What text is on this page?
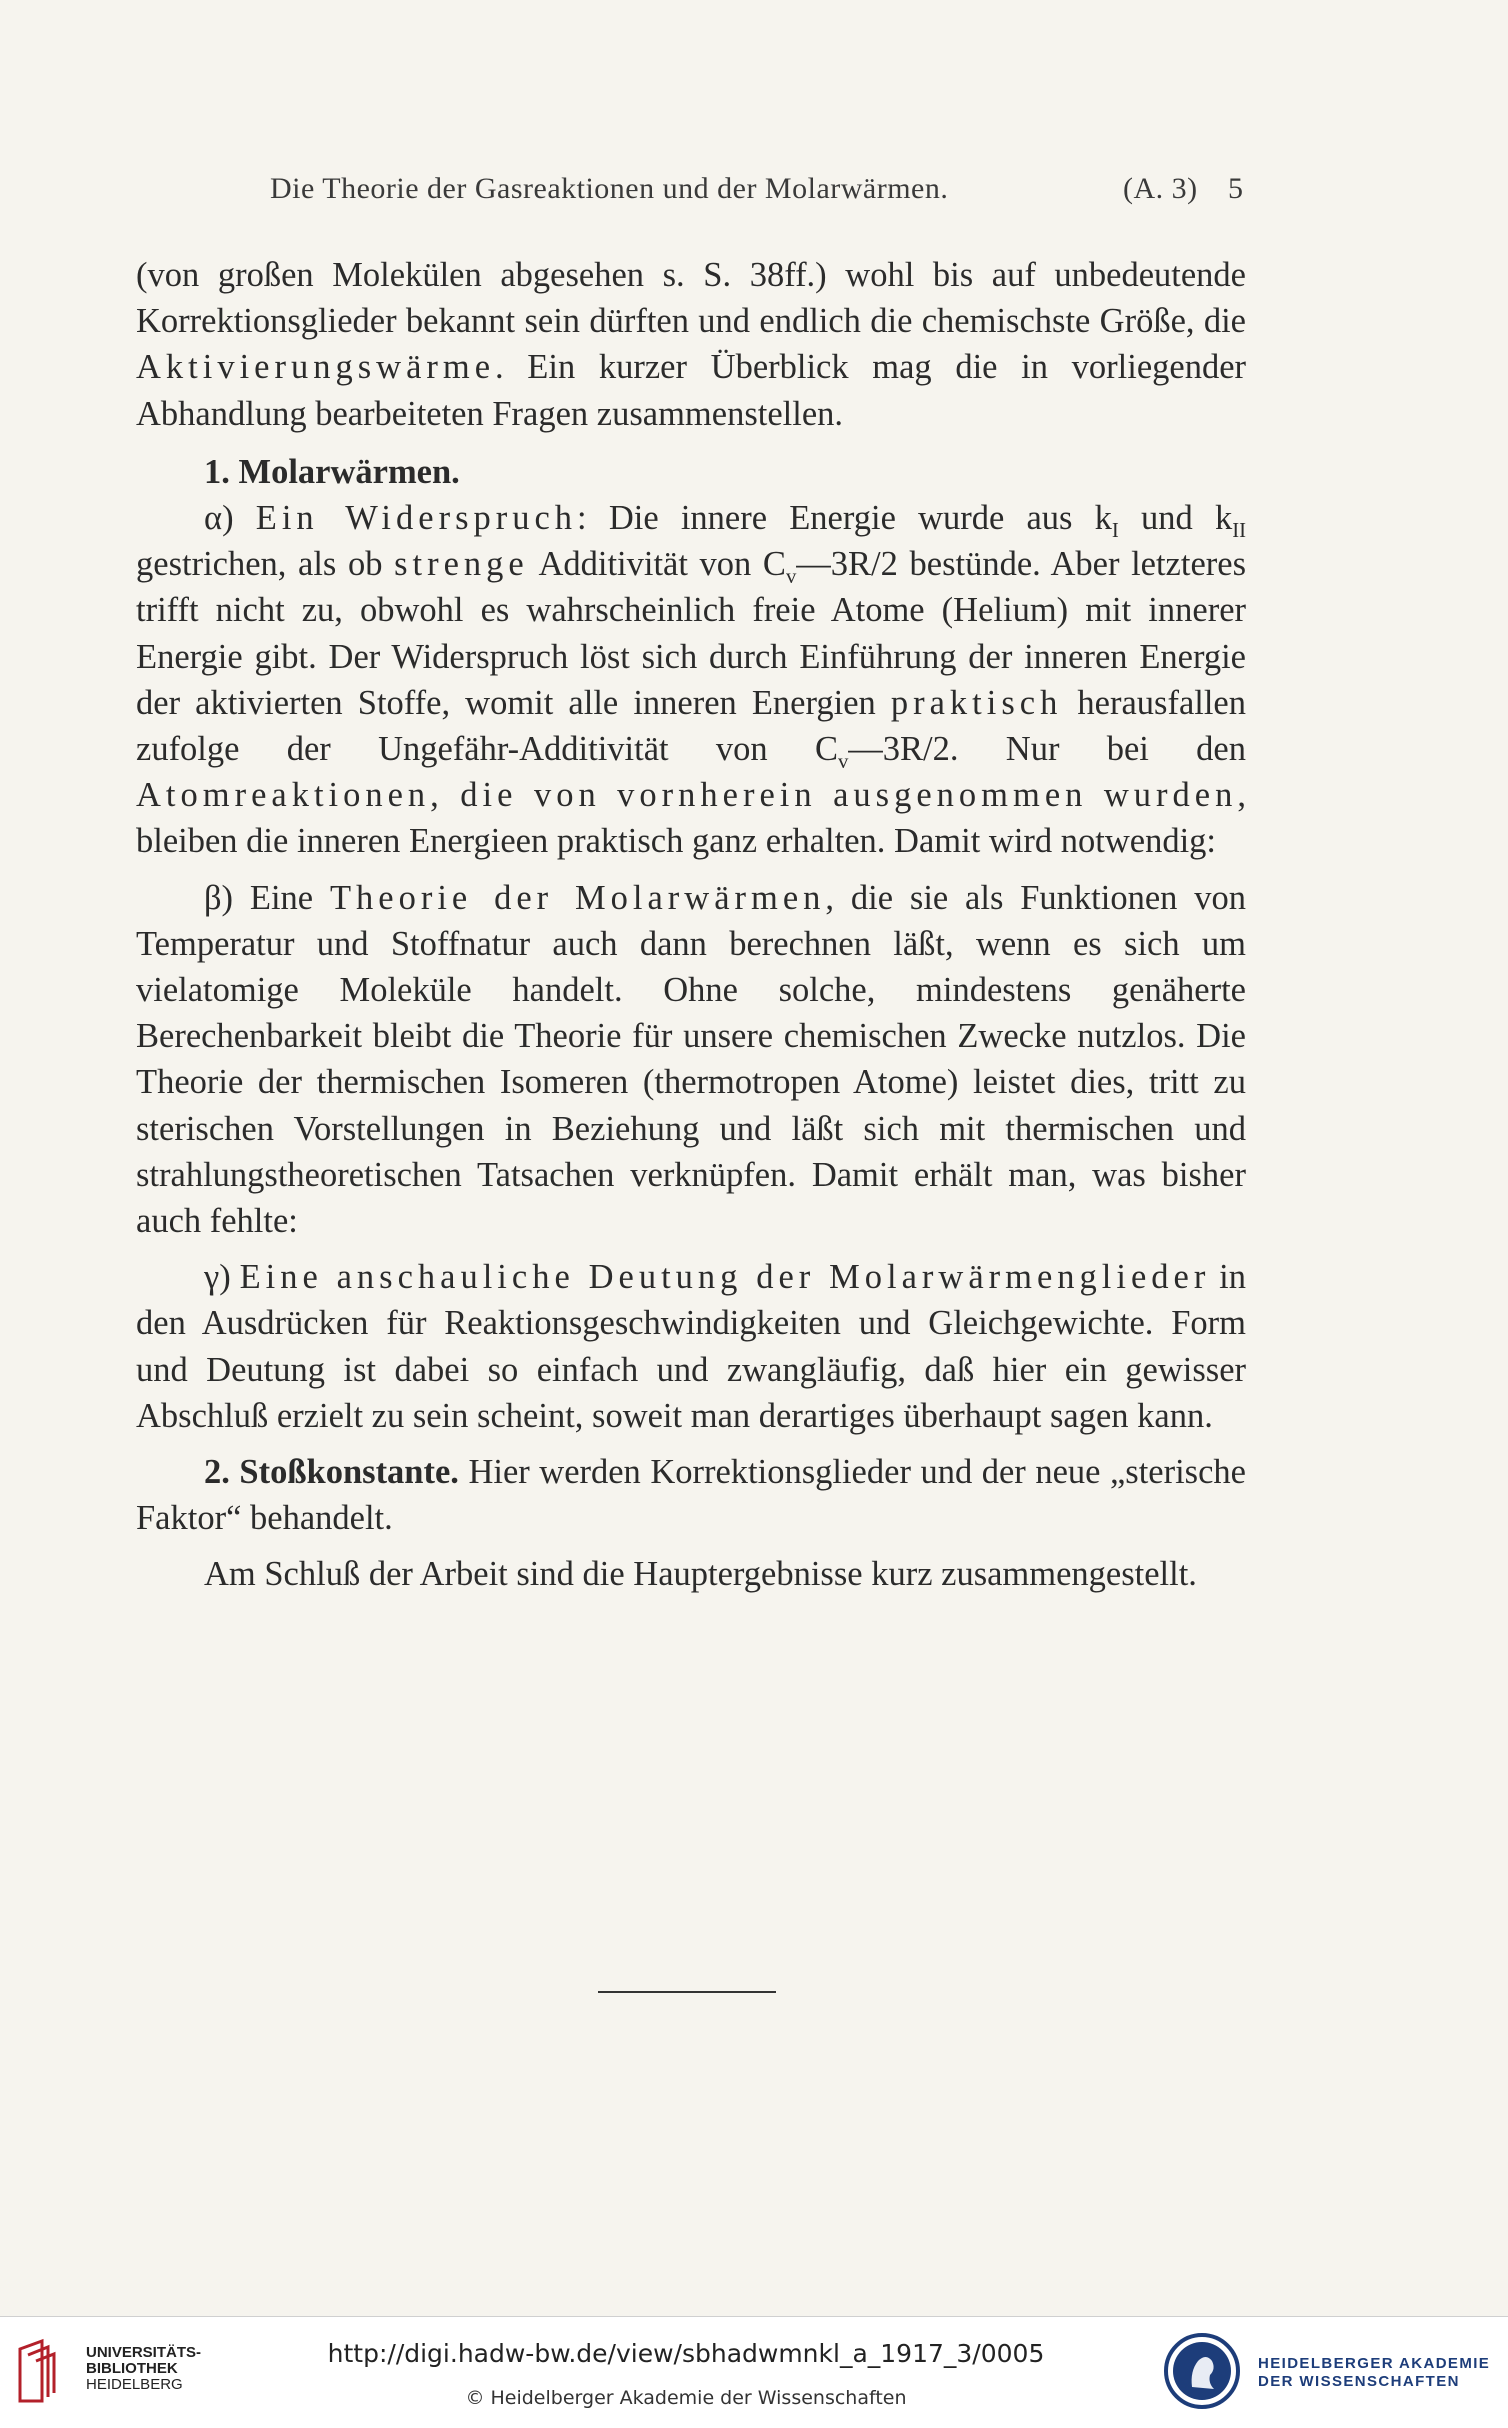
Die Theorie der Gasreaktionen und der Molarwärmen.	(A. 3) 5

(von großen Molekülen abgesehen s. S. 38ff.) wohl bis auf unbedeutende Korrektionsglieder bekannt sein dürften und endlich die chemischste Größe, die Aktivierungswärme. Ein kurzer Überblick mag die in vorliegender Abhandlung bearbeiteten Fragen zusammenstellen.

1. Molarwärmen.

α) Ein Widerspruch: Die innere Energie wurde aus $k_I$ und $k_{II}$ gestrichen, als ob strenge Additivität von $C_v—3R/2$ bestünde. Aber letzteres trifft nicht zu, obwohl es wahrscheinlich freie Atome (Helium) mit innerer Energie gibt. Der Widerspruch löst sich durch Einführung der inneren Energie der aktivierten Stoffe, womit alle inneren Energien praktisch herausfallen zufolge der Ungefähr-Additivität von $C_v—3R/2$. Nur bei den Atomreaktionen, die von vornherein ausgenommen wurden, bleiben die inneren Energieen praktisch ganz erhalten. Damit wird notwendig:

β) Eine Theorie der Molarwärmen, die sie als Funktionen von Temperatur und Stoffnatur auch dann berechnen läßt, wenn es sich um vielatomige Moleküle handelt. Ohne solche, mindestens genäherte Berechenbarkeit bleibt die Theorie für unsere chemischen Zwecke nutzlos. Die Theorie der thermischen Isomeren (thermotropen Atome) leistet dies, tritt zu sterischen Vorstellungen in Beziehung und läßt sich mit thermischen und strahlungstheoretischen Tatsachen verknüpfen. Damit erhält man, was bisher auch fehlte:

γ) Eine anschauliche Deutung der Molarwärmenglieder in den Ausdrücken für Reaktionsgeschwindigkeiten und Gleichgewichte. Form und Deutung ist dabei so einfach und zwangläufig, daß hier ein gewisser Abschluß erzielt zu sein scheint, soweit man derartiges überhaupt sagen kann.

2. Stoßkonstante. Hier werden Korrektionsglieder und der neue „sterische Faktor“ behandelt.

Am Schluß der Arbeit sind die Hauptergebnisse kurz zusammengestellt.

UNIVERSITÄTS-
BIBLIOTHEK
HEIDELBERG
http://digi.hadw-bw.de/view/sbhadwmnkl_a_1917_3/0005
© Heidelberger Akademie der Wissenschaften
HEIDELBERGER AKADEMIE
DER WISSENSCHAFTEN
